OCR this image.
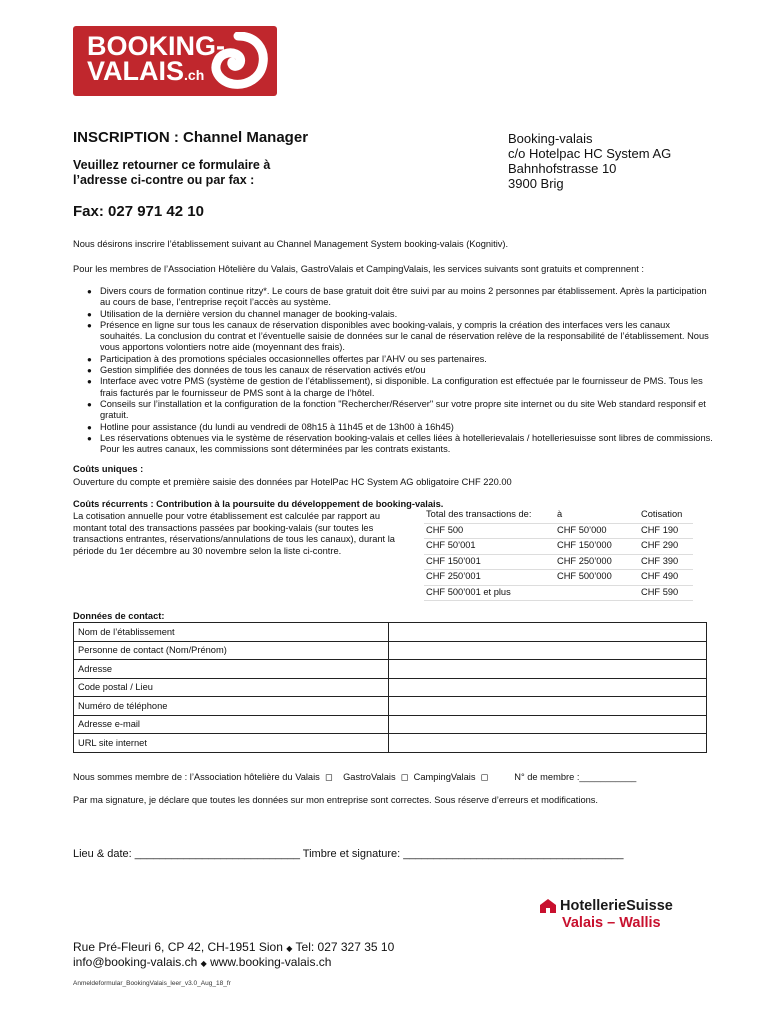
BOOKING-
VALAIS.ch
INSCRIPTION : Channel Manager
Veuillez retourner ce formulaire à
l’adresse ci-contre ou par fax :
Booking-valais
c/o Hotelpac HC System AG
Bahnhofstrasse 10
3900 Brig
Fax: 027 971 42 10
Nous désirons inscrire l’établissement suivant au Channel Management System booking-valais (Kognitiv).
Pour les membres de l’Association Hôtelière du Valais, GastroValais et CampingValais, les services suivants sont gratuits et comprennent :
● Divers cours de formation continue ritzy*. Le cours de base gratuit doit être suivi par au moins 2 personnes par établissement. Après la participation au cours de base, l’entreprise reçoit l’accès au système.
● Utilisation de la dernière version du channel manager de booking-valais.
● Présence en ligne sur tous les canaux de réservation disponibles avec booking-valais, y compris la création des interfaces vers les canaux souhaités. La conclusion du contrat et l’éventuelle saisie de données sur le canal de réservation relève de la responsabilité de l’établissement. Nous vous apportons volontiers notre aide (moyennant des frais).
● Participation à des promotions spéciales occasionnelles offertes par l’AHV ou ses partenaires.
● Gestion simplifiée des données de tous les canaux de réservation activés et/ou
● Interface avec votre PMS (système de gestion de l’établissement), si disponible. La configuration est effectuée par le fournisseur de PMS. Tous les frais facturés par le fournisseur de PMS sont à la charge de l’hôtel.
● Conseils sur l’installation et la configuration de la fonction "Rechercher/Réserver" sur votre propre site internet ou du site Web standard responsif et gratuit.
● Hotline pour assistance (du lundi au vendredi de 08h15 à 11h45 et de 13h00 à 16h45)
● Les réservations obtenues via le système de réservation booking-valais et celles liées à hotellerievalais / hotelleriesuisse sont libres de commissions. Pour les autres canaux, les commissions sont déterminées par les contrats existants.
Coûts uniques :
Ouverture du compte et première saisie des données par HotelPac HC System AG obligatoire CHF 220.00
Coûts récurrents : Contribution à la poursuite du développement de booking-valais.
La cotisation annuelle pour votre établissement est calculée par rapport au montant total des transactions passées par booking-valais (sur toutes les transactions entrantes, réservations/annulations de tous les canaux), durant la période du 1er décembre au 30 novembre selon la liste ci-contre.
Total des transactions de:	à	Cotisation
CHF 500	CHF 50’000	CHF 190
CHF 50’001	CHF 150’000	CHF 290
CHF 150’001	CHF 250’000	CHF 390
CHF 250’001	CHF 500’000	CHF 490
CHF 500’001 et plus		CHF 590
Données de contact:
Nom de l’établissement	
Personne de contact (Nom/Prénom)	
Adresse	
Code postal / Lieu	
Numéro de téléphone	
Adresse e-mail	
URL site internet	
Nous sommes membre de : l’Association hôtelière du Valais  ◻    GastroValais  ◻  CampingValais  ◻          N° de membre :___________
Par ma signature, je déclare que toutes les données sur mon entreprise sont correctes. Sous réserve d’erreurs et modifications.
Lieu & date: ___________________________ Timbre et signature: ____________________________________
HotellerieSuisse
Valais – Wallis
Rue Pré-Fleuri 6, CP 42, CH-1951 Sion ◆ Tel: 027 327 35 10
info@booking-valais.ch ◆ www.booking-valais.ch
Anmeldeformular_BookingValais_leer_v3.0_Aug_18_fr
